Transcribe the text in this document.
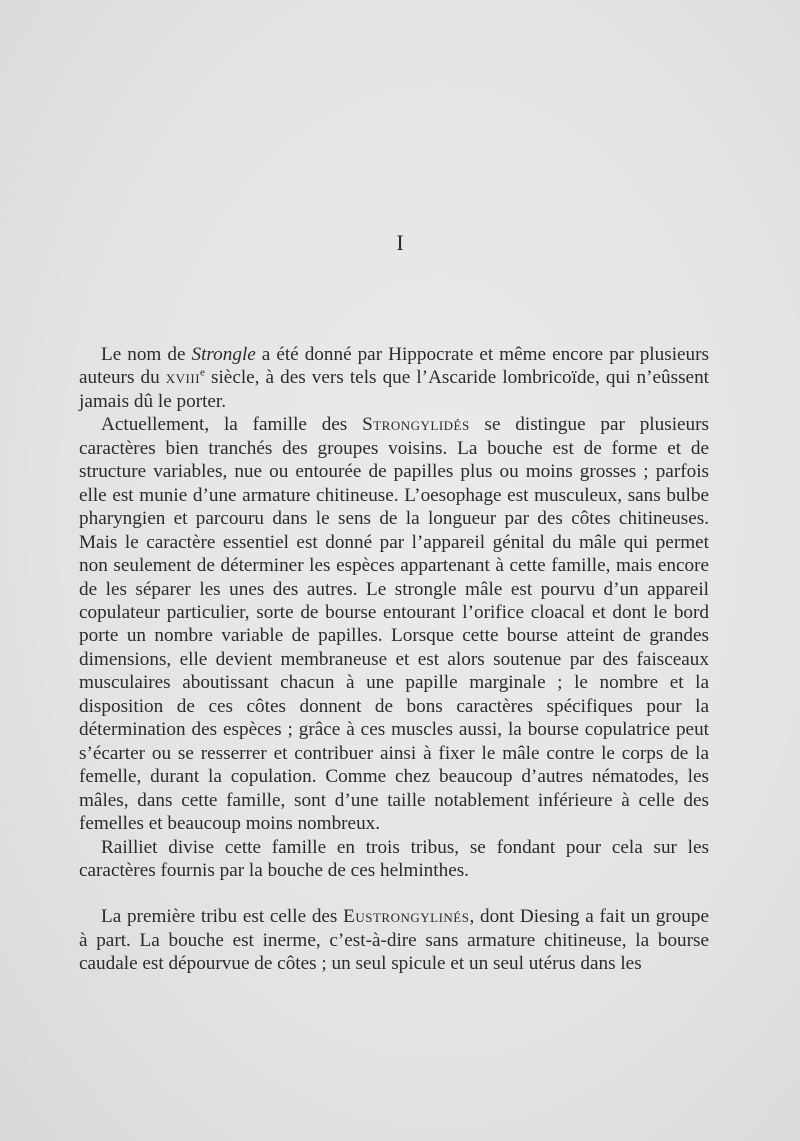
I

Le nom de Strongle a été donné par Hippocrate et même encore par plusieurs auteurs du xviii$^e$ siècle, à des vers tels que l’Ascaride lombricoïde, qui n’eûssent jamais dû le porter.

Actuellement, la famille des Strongylidés se distingue par plusieurs caractères bien tranchés des groupes voisins. La bouche est de forme et de structure variables, nue ou entourée de papilles plus ou moins grosses ; parfois elle est munie d’une armature chitineuse. L’oesophage est musculeux, sans bulbe pharyngien et parcouru dans le sens de la longueur par des côtes chitineuses. Mais le caractère essentiel est donné par l’appareil génital du mâle qui permet non seulement de déterminer les espèces appartenant à cette famille, mais encore de les séparer les unes des autres. Le strongle mâle est pourvu d’un appareil copulateur particulier, sorte de bourse entourant l’orifice cloacal et dont le bord porte un nombre variable de papilles. Lorsque cette bourse atteint de grandes dimensions, elle devient membraneuse et est alors soutenue par des faisceaux musculaires aboutissant chacun à une papille marginale ; le nombre et la disposition de ces côtes donnent de bons caractères spécifiques pour la détermination des espèces ; grâce à ces muscles aussi, la bourse copulatrice peut s’écarter ou se resserrer et contribuer ainsi à fixer le mâle contre le corps de la femelle, durant la copulation. Comme chez beaucoup d’autres nématodes, les mâles, dans cette famille, sont d’une taille notablement inférieure à celle des femelles et beaucoup moins nombreux.

Railliet divise cette famille en trois tribus, se fondant pour cela sur les caractères fournis par la bouche de ces helminthes.

La première tribu est celle des Eustrongylinés, dont Diesing a fait un groupe à part. La bouche est inerme, c’est-à-dire sans armature chitineuse, la bourse caudale est dépourvue de côtes ; un seul spicule et un seul utérus dans les
